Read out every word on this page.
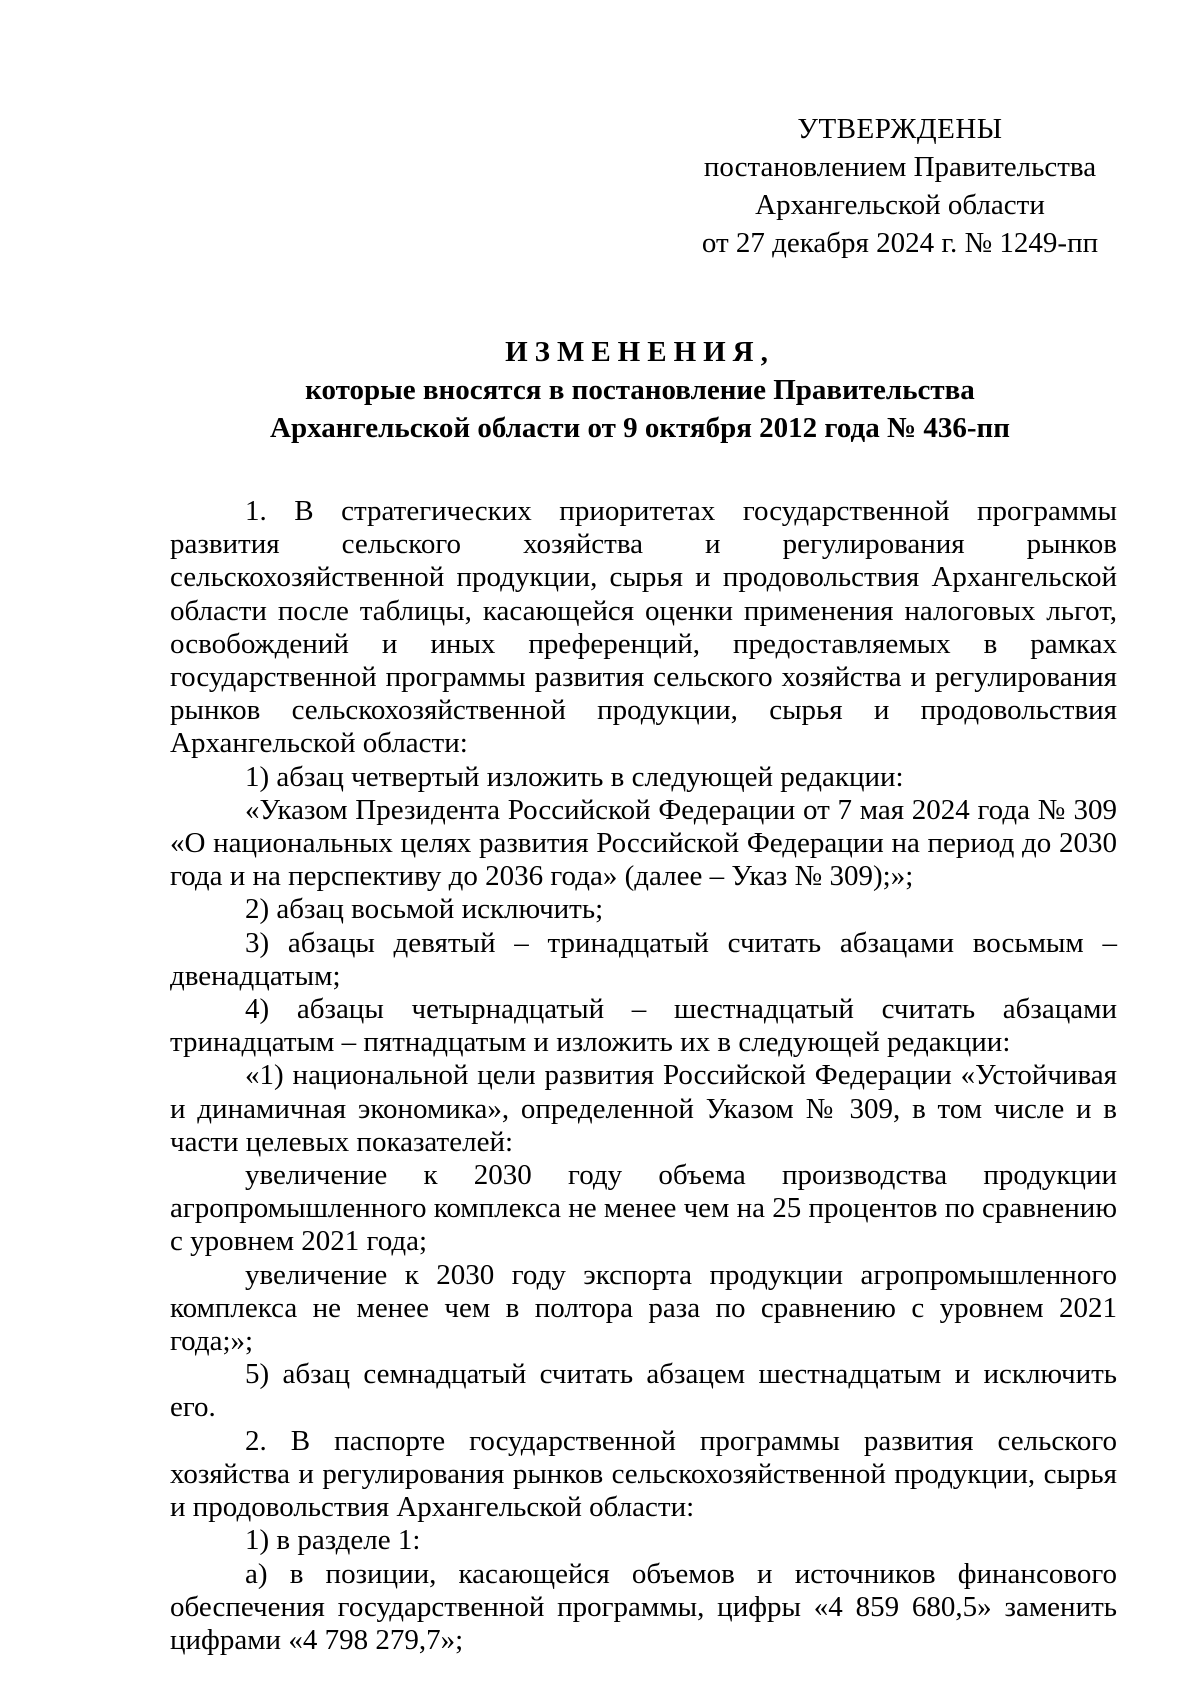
УТВЕРЖДЕНЫ
постановлением Правительства
Архангельской области
от 27 декабря 2024 г. № 1249-пп
ИЗМЕНЕНИЯ,
которые вносятся в постановление Правительства
Архангельской области от 9 октября 2012 года № 436-пп

1. В стратегических приоритетах государственной программы развития сельского хозяйства и регулирования рынков сельскохозяйственной продукции, сырья и продовольствия Архангельской области после таблицы, касающейся оценки применения налоговых льгот, освобождений и иных преференций, предоставляемых в рамках государственной программы развития сельского хозяйства и регулирования рынков сельскохозяйственной продукции, сырья и продовольствия Архангельской области:

1) абзац четвертый изложить в следующей редакции:

«Указом Президента Российской Федерации от 7 мая 2024 года № 309 «О национальных целях развития Российской Федерации на период до 2030 года и на перспективу до 2036 года» (далее – Указ № 309);»;

2) абзац восьмой исключить;

3) абзацы девятый – тринадцатый считать абзацами восьмым – двенадцатым;

4) абзацы четырнадцатый – шестнадцатый считать абзацами тринадцатым – пятнадцатым и изложить их в следующей редакции:

«1) национальной цели развития Российской Федерации «Устойчивая и динамичная экономика», определенной Указом № 309, в том числе и в части целевых показателей:

увеличение к 2030 году объема производства продукции агропромышленного комплекса не менее чем на 25 процентов по сравнению с уровнем 2021 года;

увеличение к 2030 году экспорта продукции агропромышленного комплекса не менее чем в полтора раза по сравнению с уровнем 2021 года;»;

5) абзац семнадцатый считать абзацем шестнадцатым и исключить его.

2. В паспорте государственной программы развития сельского хозяйства и регулирования рынков сельскохозяйственной продукции, сырья и продовольствия Архангельской области:

1) в разделе 1:

а) в позиции, касающейся объемов и источников финансового обеспечения государственной программы, цифры «4 859 680,5» заменить цифрами «4 798 279,7»;
